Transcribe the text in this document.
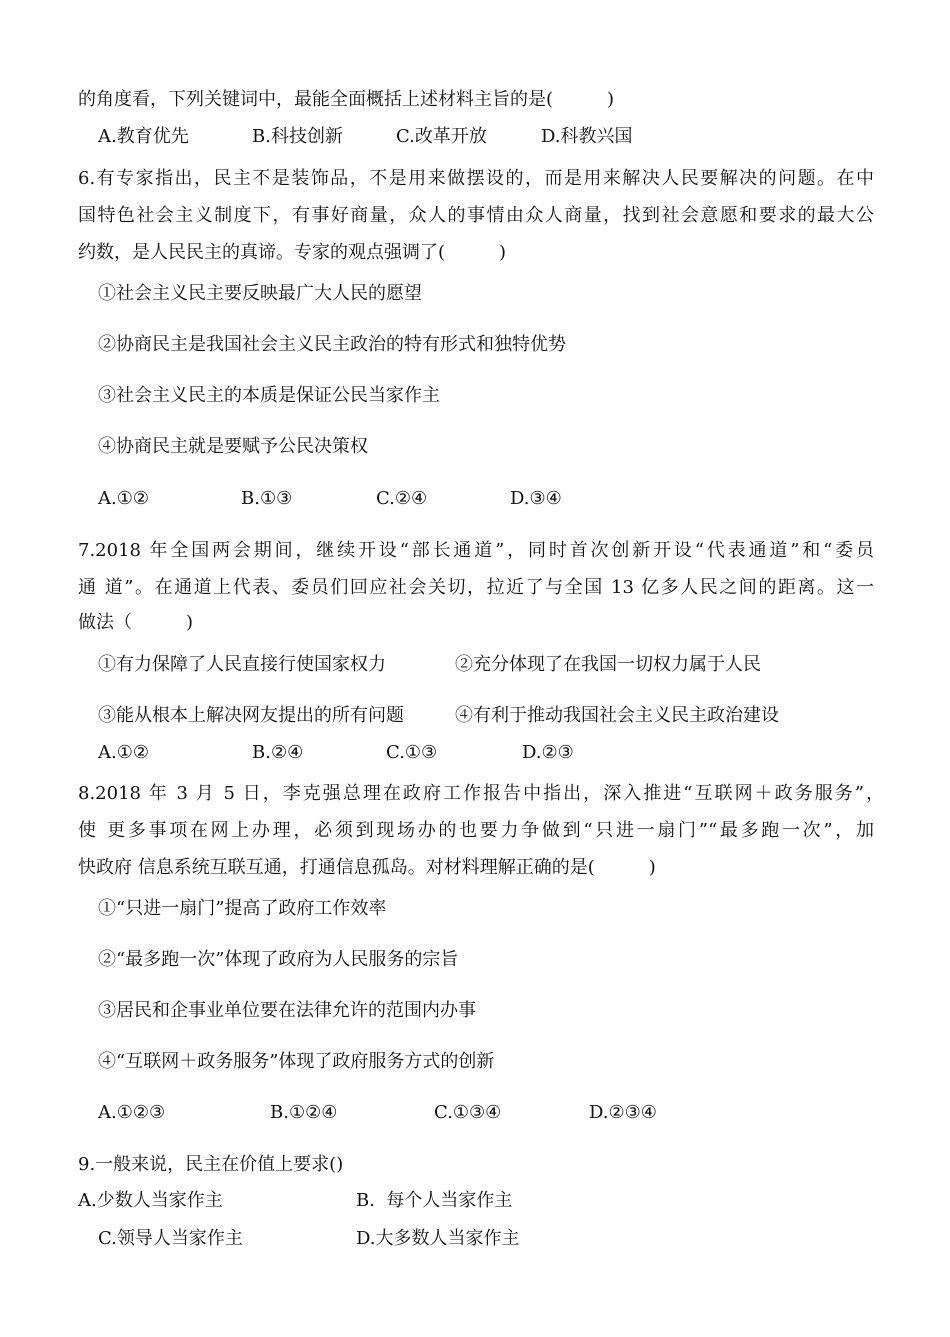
的角度看，下列关键词中，最能全面概括上述材料主旨的是(　　　)
A.教育优先	B.科技创新	C.改革开放	D.科教兴国
6.有专家指出，民主不是装饰品，不是用来做摆设的，而是用来解决人民要解决的问题。在中
国特色社会主义制度下，有事好商量，众人的事情由众人商量，找到社会意愿和要求的最大公
约数，是人民民主的真谛。专家的观点强调了(　　　)
①社会主义民主要反映最广大人民的愿望
②协商民主是我国社会主义民主政治的特有形式和独特优势
③社会主义民主的本质是保证公民当家作主
④协商民主就是要赋予公民决策权
A.①②	B.①③	C.②④	D.③④
7.2018 年全国两会期间，继续开设“部长通道”，同时首次创新开设“代表通道”和“委员
通 道”。在通道上代表、委员们回应社会关切，拉近了与全国 13 亿多人民之间的距离。这一
做法（　　　)
①有力保障了人民直接行使国家权力	②充分体现了在我国一切权力属于人民
③能从根本上解决网友提出的所有问题	④有利于推动我国社会主义民主政治建设
A.①②	B.②④	C.①③	D.②③
8.2018 年 3 月 5 日，李克强总理在政府工作报告中指出，深入推进“互联网＋政务服务”，
使 更多事项在网上办理，必须到现场办的也要力争做到“只进一扇门”“最多跑一次”，加
快政府 信息系统互联互通，打通信息孤岛。对材料理解正确的是(　　　)
①“只进一扇门”提高了政府工作效率
②“最多跑一次”体现了政府为人民服务的宗旨
③居民和企事业单位要在法律允许的范围内办事
④“互联网＋政务服务”体现了政府服务方式的创新
A.①②③	B.①②④	C.①③④	D.②③④
9.一般来说，民主在价值上要求()
A.少数人当家作主	B.  每个人当家作主
C.领导人当家作主	D.大多数人当家作主
